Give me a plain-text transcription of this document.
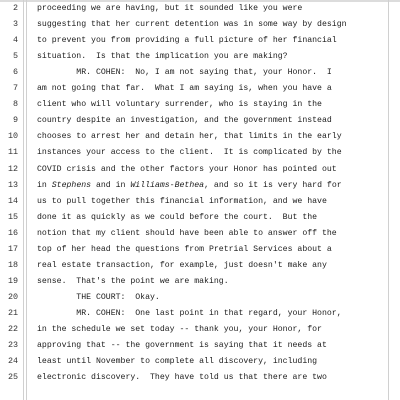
2 proceeding we are having, but it sounded like you were
3 suggesting that her current detention was in some way by design
4 to prevent you from providing a full picture of her financial
5 situation.  Is that the implication you are making?
6 MR. COHEN:  No, I am not saying that, your Honor.  I
7 am not going that far.  What I am saying is, when you have a
8 client who will voluntary surrender, who is staying in the
9 country despite an investigation, and the government instead
10 chooses to arrest her and detain her, that limits in the early
11 instances your access to the client.  It is complicated by the
12 COVID crisis and the other factors your Honor has pointed out
13 in Stephens and in Williams-Bethea, and so it is very hard for
14 us to pull together this financial information, and we have
15 done it as quickly as we could before the court.  But the
16 notion that my client should have been able to answer off the
17 top of her head the questions from Pretrial Services about a
18 real estate transaction, for example, just doesn't make any
19 sense.  That's the point we are making.
20 THE COURT:  Okay.
21 MR. COHEN:  One last point in that regard, your Honor,
22 in the schedule we set today -- thank you, your Honor, for
23 approving that -- the government is saying that it needs at
24 least until November to complete all discovery, including
25 electronic discovery.  They have told us that there are two
